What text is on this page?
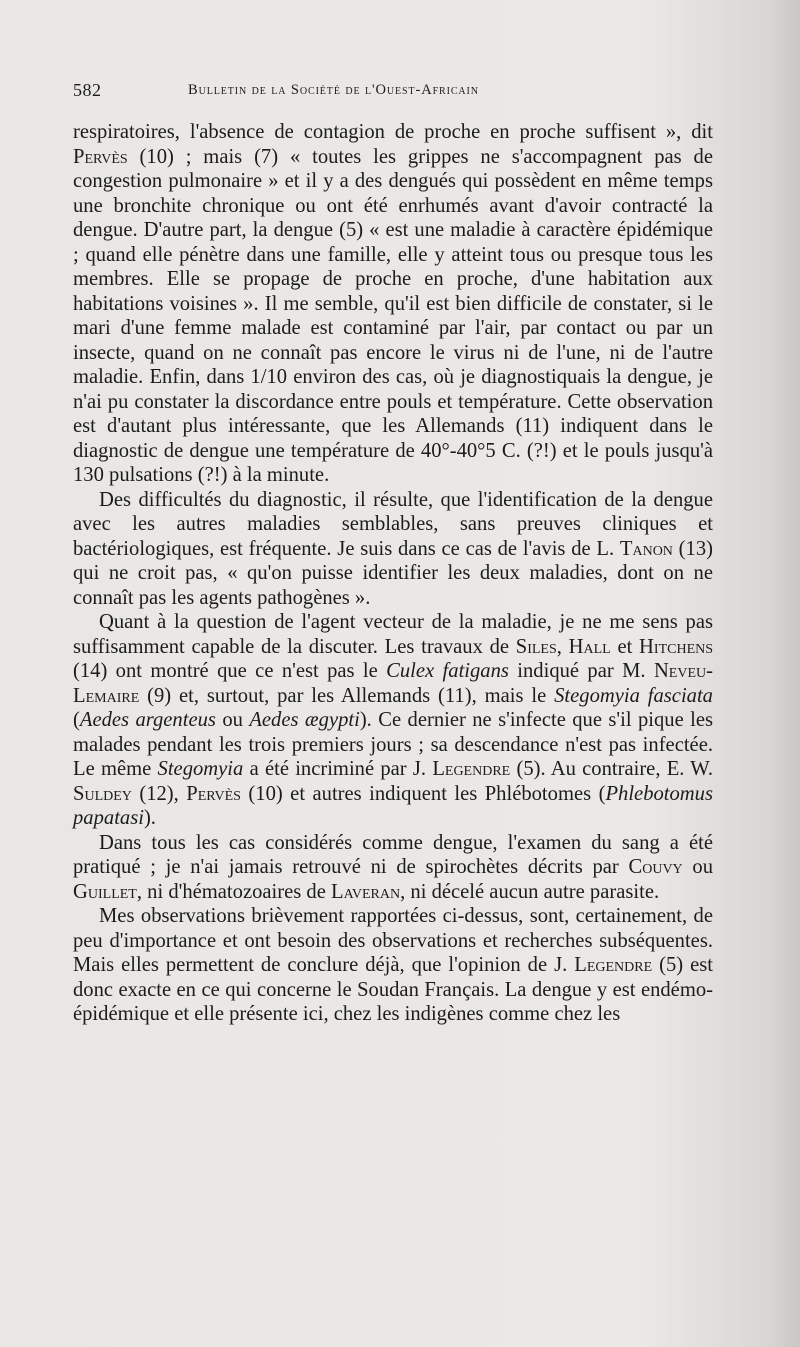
582	Bulletin de la Société de l'Ouest-Africain

respiratoires, l'absence de contagion de proche en proche suffisent », dit Pervès (10) ; mais (7) « toutes les grippes ne s'accompagnent pas de congestion pulmonaire » et il y a des dengués qui possèdent en même temps une bronchite chronique ou ont été enrhumés avant d'avoir contracté la dengue. D'autre part, la dengue (5) « est une maladie à caractère épidémique ; quand elle pénètre dans une famille, elle y atteint tous ou presque tous les membres. Elle se propage de proche en proche, d'une habitation aux habitations voisines ». Il me semble, qu'il est bien difficile de constater, si le mari d'une femme malade est contaminé par l'air, par contact ou par un insecte, quand on ne connaît pas encore le virus ni de l'une, ni de l'autre maladie. Enfin, dans 1/10 environ des cas, où je diagnostiquais la dengue, je n'ai pu constater la discordance entre pouls et température. Cette observation est d'autant plus intéressante, que les Allemands (11) indiquent dans le diagnostic de dengue une température de 40°-40°5 C. (?!) et le pouls jusqu'à 130 pulsations (?!) à la minute.

Des difficultés du diagnostic, il résulte, que l'identification de la dengue avec les autres maladies semblables, sans preuves cliniques et bactériologiques, est fréquente. Je suis dans ce cas de l'avis de L. Tanon (13) qui ne croit pas, « qu'on puisse identifier les deux maladies, dont on ne connaît pas les agents pathogènes ».

Quant à la question de l'agent vecteur de la maladie, je ne me sens pas suffisamment capable de la discuter. Les travaux de Siles, Hall et Hitchens (14) ont montré que ce n'est pas le Culex fatigans indiqué par M. Neveu-Lemaire (9) et, surtout, par les Allemands (11), mais le Stegomyia fasciata (Aedes argenteus ou Aedes ægypti). Ce dernier ne s'infecte que s'il pique les malades pendant les trois premiers jours ; sa descendance n'est pas infectée. Le même Stegomyia a été incriminé par J. Legendre (5). Au contraire, E. W. Suldey (12), Pervès (10) et autres indiquent les Phlébotomes (Phlebotomus papatasi).

Dans tous les cas considérés comme dengue, l'examen du sang a été pratiqué ; je n'ai jamais retrouvé ni de spirochètes décrits par Couvy ou Guillet, ni d'hématozoaires de Laveran, ni décelé aucun autre parasite.

Mes observations brièvement rapportées ci-dessus, sont, certainement, de peu d'importance et ont besoin des observations et recherches subséquentes. Mais elles permettent de conclure déjà, que l'opinion de J. Legendre (5) est donc exacte en ce qui concerne le Soudan Français. La dengue y est endémo-épidémique et elle présente ici, chez les indigènes comme chez les
